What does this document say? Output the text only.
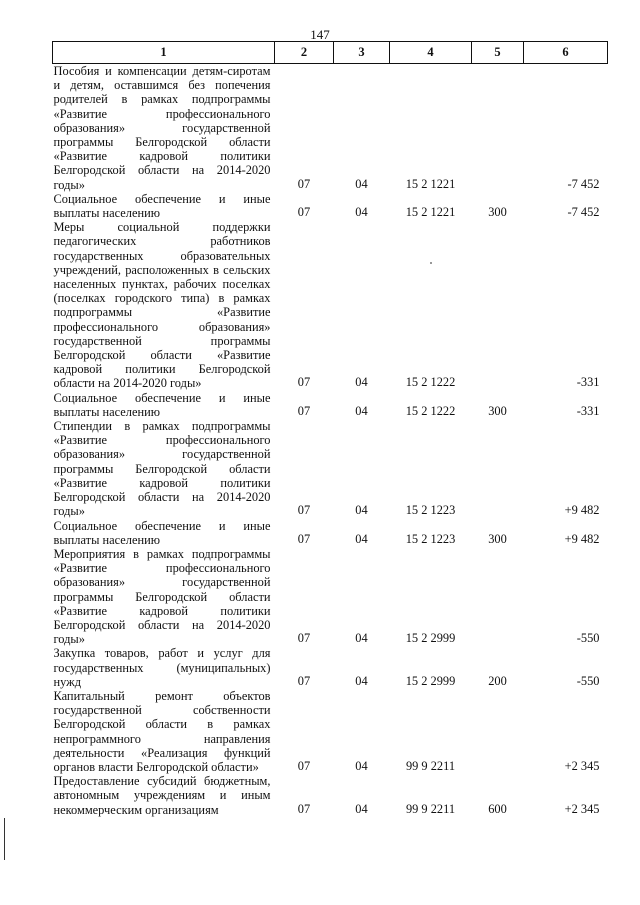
147
1	2	3	4	5	6
Пособия и компенсации детям-сиротам и детям, оставшимся без попечения родителей в рамках подпрограммы «Развитие профессионального образования» государственной программы Белгородской области «Развитие кадровой политики Белгородской области на 2014-2020 годы»	07	04	15 2 1221		-7 452
Социальное обеспечение и иные выплаты населению	07	04	15 2 1221	300	-7 452
Меры социальной поддержки педагогических работников государственных образовательных учреждений, расположенных в сельских населенных пунктах, рабочих поселках (поселках городского типа) в рамках подпрограммы «Развитие профессионального образования» государственной программы Белгородской области «Развитие кадровой политики Белгородской области на 2014-2020 годы»	07	04	15 2 1222		-331
Социальное обеспечение и иные выплаты населению	07	04	15 2 1222	300	-331
Стипендии в рамках подпрограммы «Развитие профессионального образования» государственной программы Белгородской области «Развитие кадровой политики Белгородской области на 2014-2020 годы»	07	04	15 2 1223		+9 482
Социальное обеспечение и иные выплаты населению	07	04	15 2 1223	300	+9 482
Мероприятия в рамках подпрограммы «Развитие профессионального образования» государственной программы Белгородской области «Развитие кадровой политики Белгородской области на 2014-2020 годы»	07	04	15 2 2999		-550
Закупка товаров, работ и услуг для государственных (муниципальных) нужд	07	04	15 2 2999	200	-550
Капитальный ремонт объектов государственной собственности Белгородской области в рамках непрограммного направления деятельности «Реализация функций органов власти Белгородской области»	07	04	99 9 2211		+2 345
Предоставление субсидий бюджетным, автономным учреждениям и иным некоммерческим организациям	07	04	99 9 2211	600	+2 345
